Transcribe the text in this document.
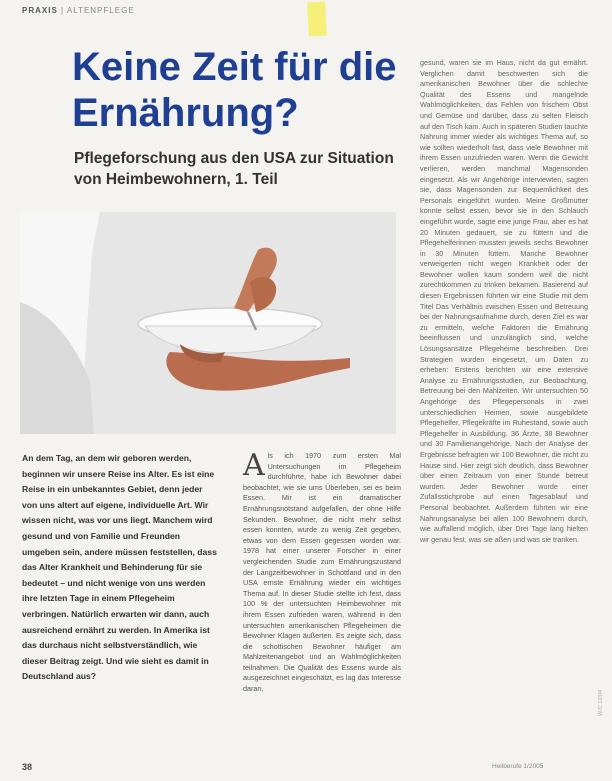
PRAXIS | ALTENPFLEGE
Keine Zeit für die Ernährung?
Pflegeforschung aus den USA zur Situation von Heimbewohnern, 1. Teil

An dem Tag, an dem wir geboren werden, beginnen wir unsere Reise ins Alter. Es ist eine Reise in ein unbekanntes Gebiet, denn jeder von uns altert auf eigene, individuelle Art. Wir wissen nicht, was vor uns liegt. Manchem wird gesund und von Familie und Freunden umgeben sein, andere müssen feststellen, dass das Alter Krankheit und Behinderung für sie bedeutet – und nicht wenige von uns werden ihre letzten Tage in einem Pflegeheim verbringen. Natürlich erwarten wir dann, auch ausreichend ernährt zu werden. In Amerika ist das durchaus nicht selbstverständlich, wie dieser Beitrag zeigt. Und wie sieht es damit in Deutschland aus?

Als ich 1970 zum ersten Mal Untersuchungen im Pflegeheim durchführte, habe ich Bewohner dabei beobachtet, wie sie ums Überleben, sei es beim Essen. Mir ist ein dramatischer Ernährungsnotstand aufgefallen, der ohne Hilfe Sekunden. Bewohner, die nicht mehr selbst essen konnten, wurde zu wenig Zeit gegeben, etwas von dem Essen gegessen worden war. 1978 hat einer unserer Forscher in einer vergleichenden Studie zum Ernährungszustand der Langzeitbewohner in Schottland und in den USA ernste Ernährung wieder ein wichtiges Thema auf. In dieser Studie stellte ich fest, dass 100 % der untersuchten Heimbewohner mit ihrem Essen zufrieden waren, während in den untersuchten amerikanischen Pflegeheimen die Bewohner Klagen äußerten. Es zeigte sich, dass die schottischen Bewohner häufiger am Mahlzeitenangebot und an Wahlmöglichkeiten teilnahmen. Die Qualität des Essens wurde als ausgezeichnet eingeschätzt, es lag das Interesse daran,

gesund, waren sie im Haus, nicht da gut ernährt. Verglichen damit beschwerten sich die amerikanischen Bewohner über die schlechte Qualität des Essens und mangelnde Wahlmöglichkeiten, das Fehlen von frischem Obst und Gemüse und darüber, dass zu selten Fleisch auf den Tisch kam. Auch in späteren Studien tauchte Nahrung immer wieder als wichtiges Thema auf, so wie sollten wiederholt fast, dass viele Bewohner mit ihrem Essen unzufrieden waren. Wenn die Gewicht verlieren, werden manchmal Magensonden eingesetzt. Als wir Angehörige interviewten, sagten sie, dass Magensonden zur Bequemlichkeit des Personals eingeführt wurden. Meine Großmutter konnte selbst essen, bevor sie in den Schlauch eingeführt wurde, sagte eine junge Frau, aber es hat 20 Minuten gedauert, sie zu füttern und die Pflegehelferinnen mussten jeweils sechs Bewohner in 30 Minuten füttern. Manche Bewohner verweigerten nicht wegen Krankheit oder der Bewohner wollen kaum sondern weil die nicht zurechtkommen zu trinken bekamen. Basierend auf diesen Ergebnissen führten wir eine Studie mit dem Titel Das Verhältnis zwischen Essen und Betreuung bei der Nahrungsaufnahme durch, deren Ziel es war zu ermitteln, welche Faktoren die Ernährung beeinflussen und unzulänglich sind, welche Lösungsansätze Pflegeheime beschreiben. Drei Strategien wurden eingesetzt, um Daten zu erheben: Erstens berichten wir eine extensive Analyse zu Ernährungsstudien, zur Beobachtung, Betreuung bei den Mahlzeiten. Wir untersuchten 50 Angehörige des Pflegepersonals in zwei unterschiedlichen Heimen, sowie ausgebildete Pflegehelfer, Pflegekräfte im Ruhestand, sowie auch Pflegehelfer in Ausbildung. 36 Ärzte, 38 Bewohner und 30 Familienangehörige. Nach der Analyse der Ergebnisse befragten wir 100 Bewohner, die nicht zu Hause sind. Hier zeigt sich deutlich, dass Bewohner über einen Zeitraum von einer Stunde betreut wurden. Jeder Bewohner wurde einer Zufallsstichprobe auf einen Tagesablauf und Personal beobachtet. Außerdem führten wir eine Nahrungsanalyse bei allen 100 Bewohnern durch, wie auffallend möglich, über Drei Tage lang hielten wir genau fest, was sie aßen und was sie tranken.

W/C 12/04
38	Heilberufe 1/2005
